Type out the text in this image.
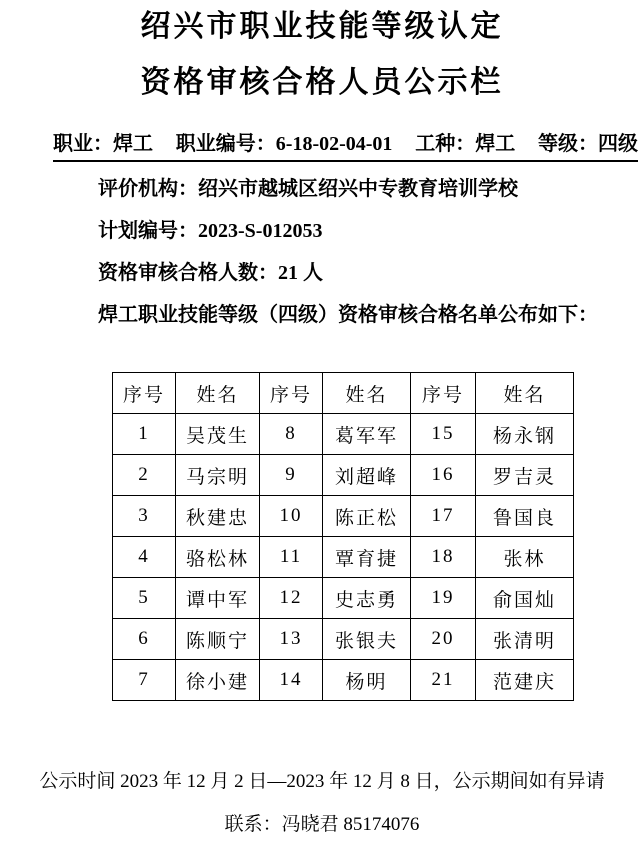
绍兴市职业技能等级认定
资格审核合格人员公示栏
职业：焊工 职业编号：6-18-02-04-01 工种：焊工 等级：四级

评价机构：绍兴市越城区绍兴中专教育培训学校

计划编号：2023-S-012053

资格审核合格人数：21 人

焊工职业技能等级（四级）资格审核合格名单公布如下：

序号	姓名	序号	姓名	序号	姓名
1	吴茂生	8	葛军军	15	杨永钢
2	马宗明	9	刘超峰	16	罗吉灵
3	秋建忠	10	陈正松	17	鲁国良
4	骆松林	11	覃育捷	18	张林
5	谭中军	12	史志勇	19	俞国灿
6	陈顺宁	13	张银夫	20	张清明
7	徐小建	14	杨明	21	范建庆

公示时间 2023 年 12 月 2 日—2023 年 12 月 8 日，公示期间如有异请

联系：冯晓君 85174076
